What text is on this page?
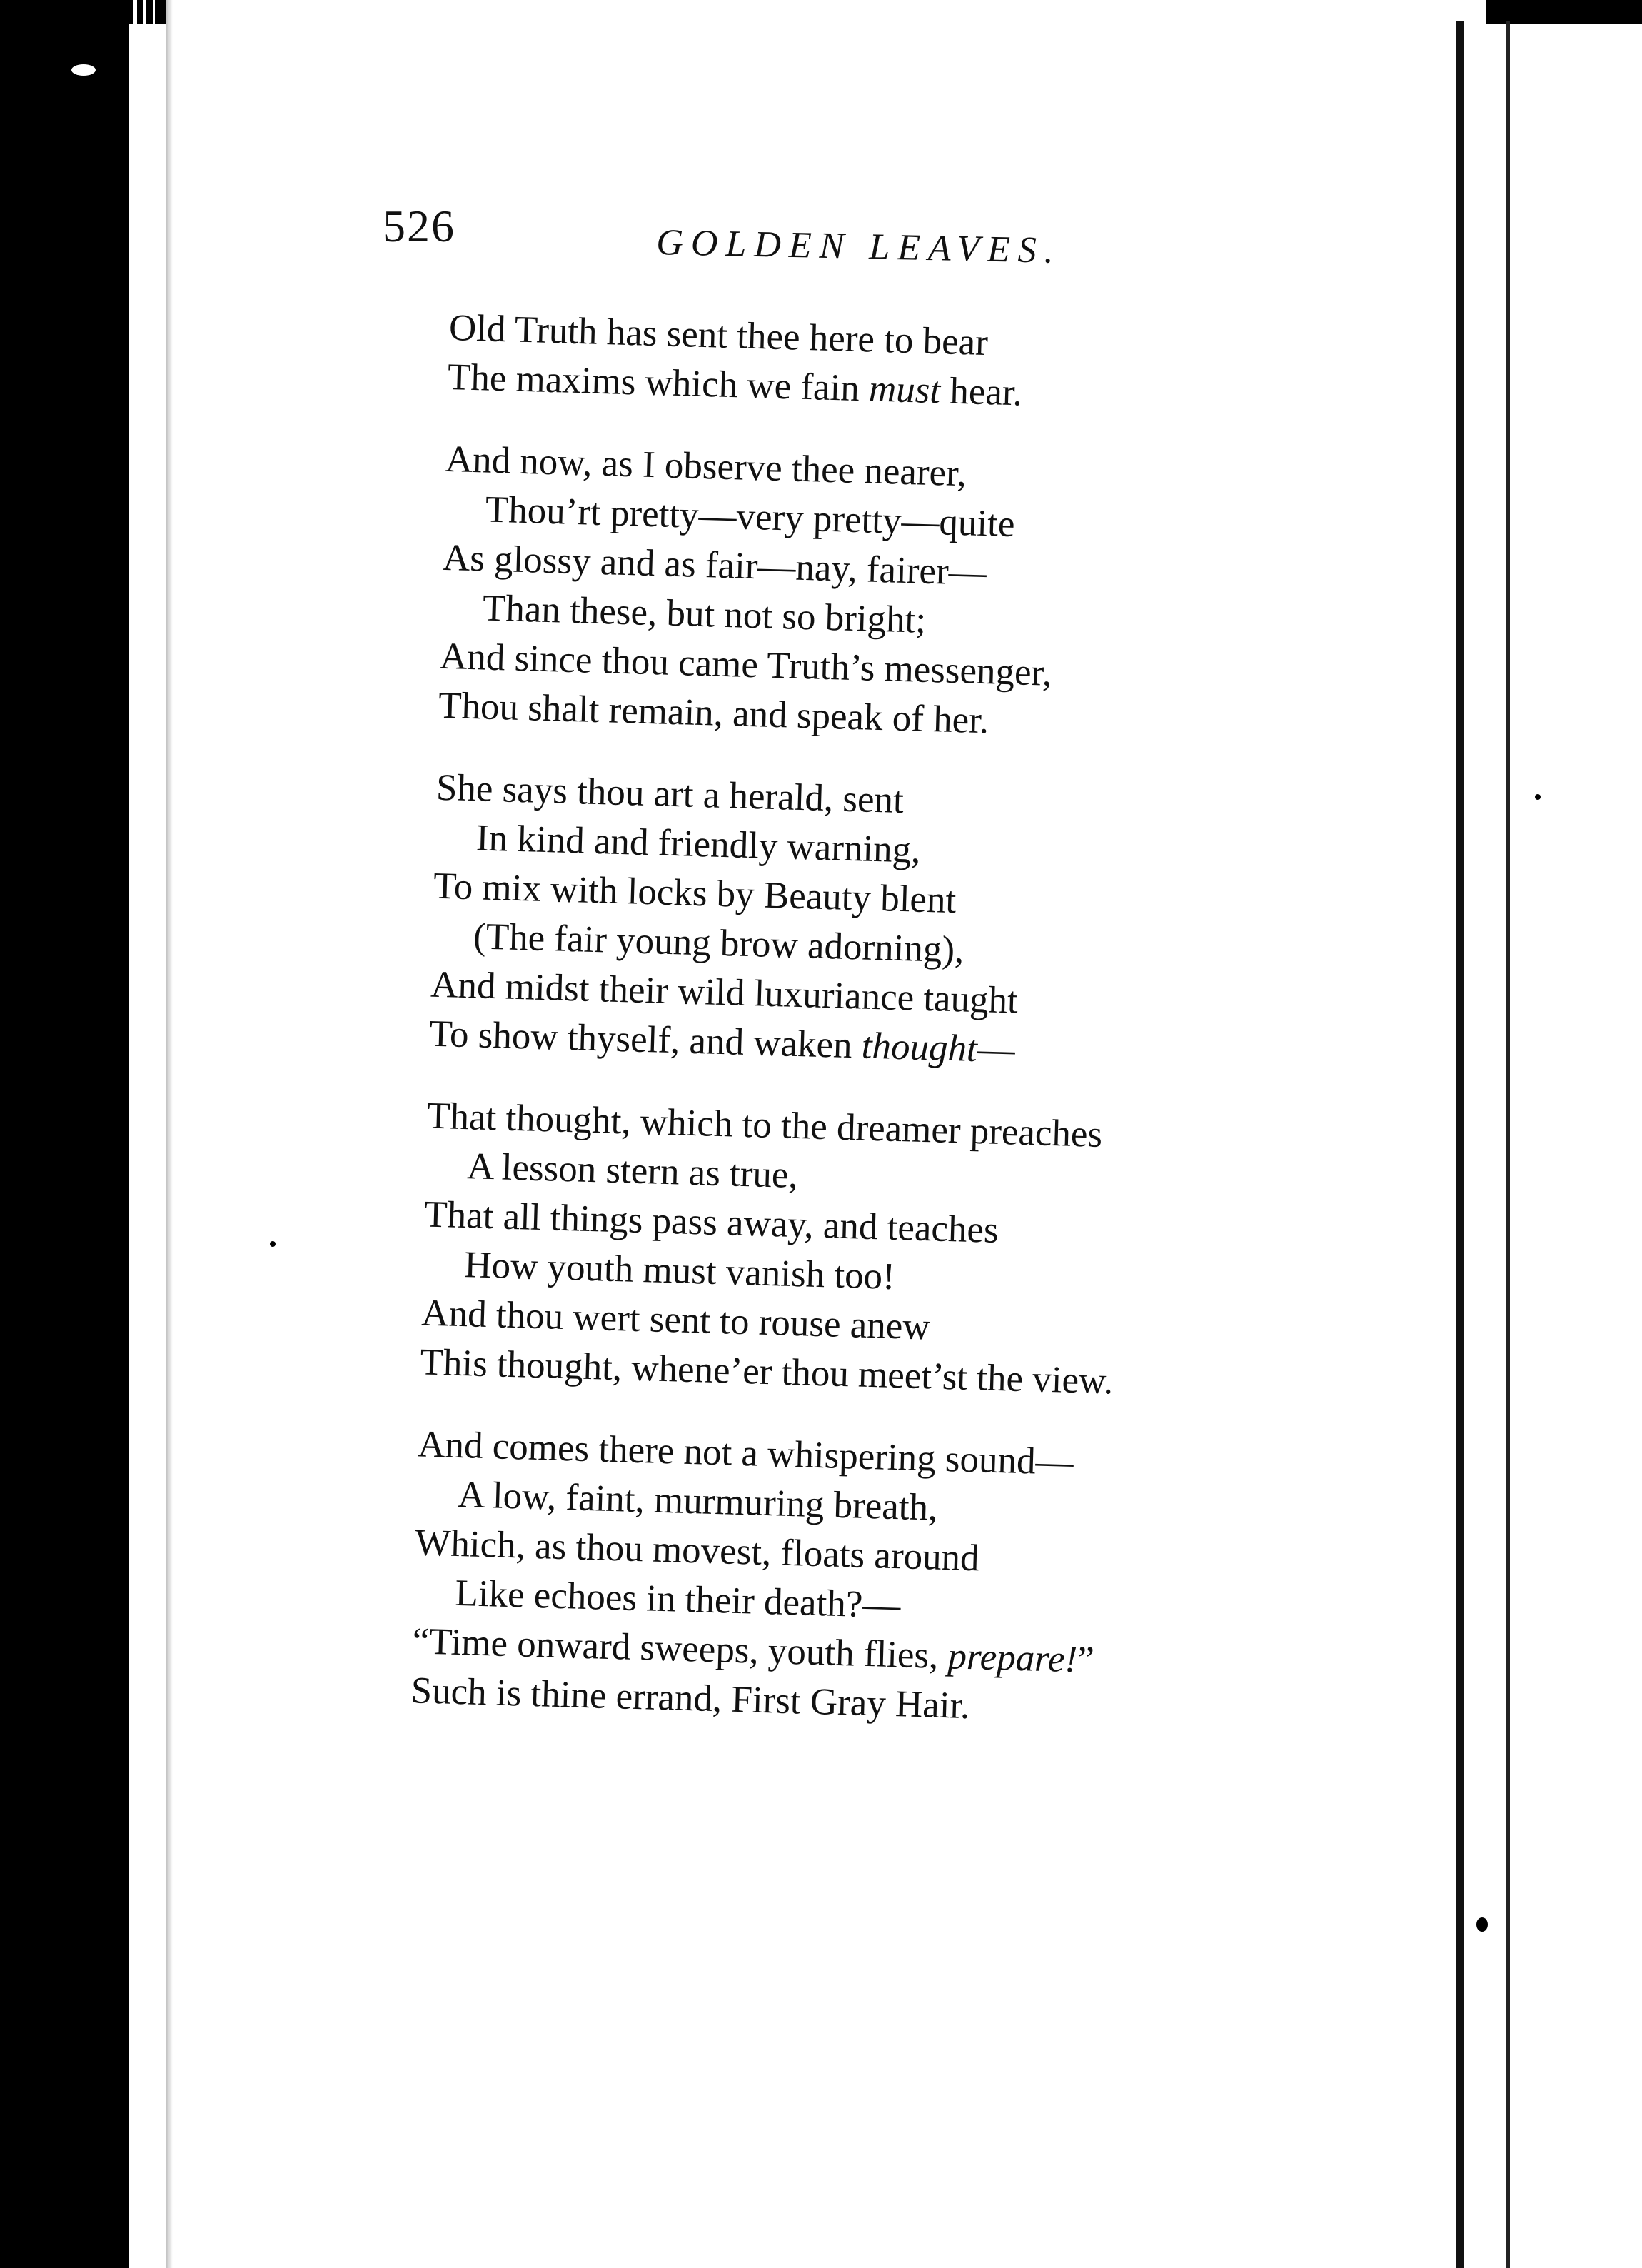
526	GOLDEN LEAVES.
Old Truth has sent thee here to bear
The maxims which we fain must hear.
And now, as I observe thee nearer,
Thou’rt pretty—very pretty—quite
As glossy and as fair—nay, fairer—
Than these, but not so bright;
And since thou came Truth’s messenger,
Thou shalt remain, and speak of her.
She says thou art a herald, sent
In kind and friendly warning,
To mix with locks by Beauty blent
(The fair young brow adorning),
And midst their wild luxuriance taught
To show thyself, and waken thought—
That thought, which to the dreamer preaches
A lesson stern as true,
That all things pass away, and teaches
How youth must vanish too!
And thou wert sent to rouse anew
This thought, whene’er thou meet’st the view.
And comes there not a whispering sound—
A low, faint, murmuring breath,
Which, as thou movest, floats around
Like echoes in their death?—
“Time onward sweeps, youth flies, prepare!”
Such is thine errand, First Gray Hair.
